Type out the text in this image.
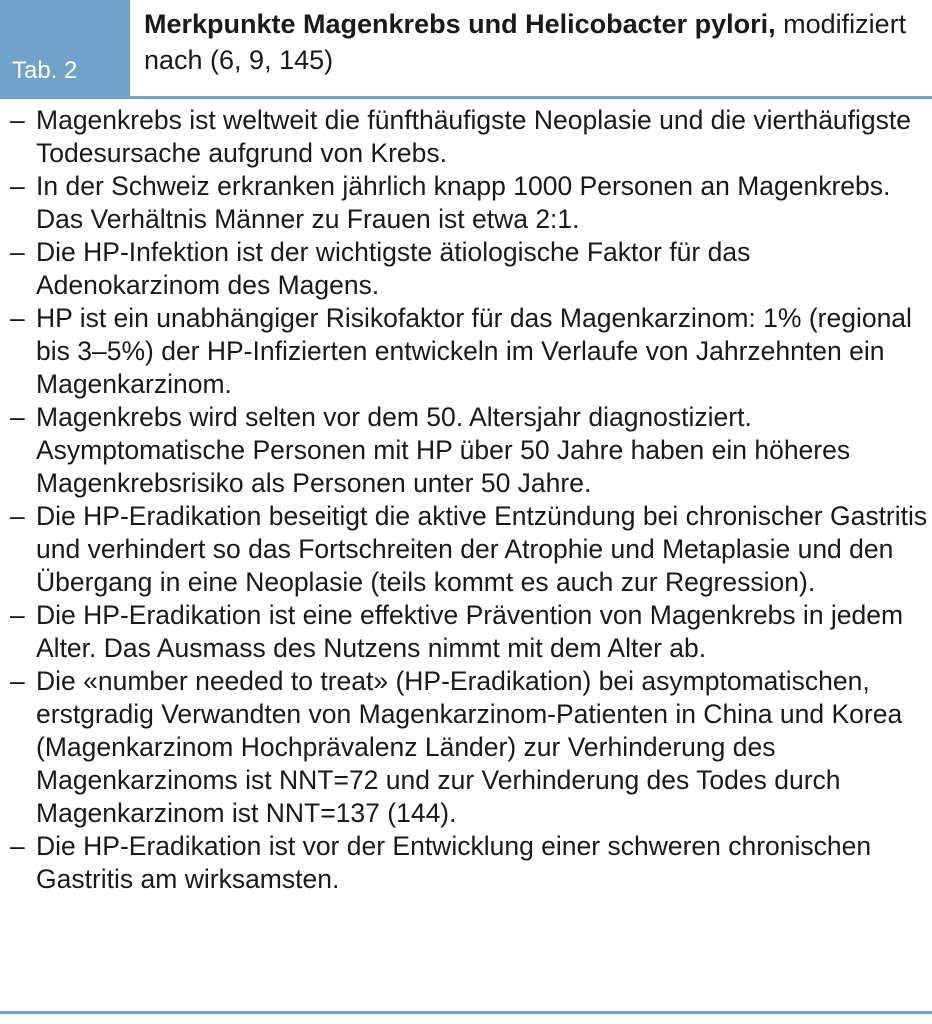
Tab. 2
Merkpunkte Magenkrebs und Helicobacter pylori, modifiziert nach (6, 9, 145)
– Magenkrebs ist weltweit die fünfthäufigste Neoplasie und die vierthäufigste Todesursache aufgrund von Krebs.
– In der Schweiz erkranken jährlich knapp 1000 Personen an Magenkrebs. Das Verhältnis Männer zu Frauen ist etwa 2:1.
– Die HP-Infektion ist der wichtigste ätiologische Faktor für das Adenokarzinom des Magens.
– HP ist ein unabhängiger Risikofaktor für das Magenkarzinom: 1% (regional bis 3–5%) der HP-Infizierten entwickeln im Verlaufe von Jahrzehnten ein Magenkarzinom.
– Magenkrebs wird selten vor dem 50. Altersjahr diagnostiziert. Asymptomatische Personen mit HP über 50 Jahre haben ein höheres Magenkrebsrisiko als Personen unter 50 Jahre.
– Die HP-Eradikation beseitigt die aktive Entzündung bei chronischer Gastritis und verhindert so das Fortschreiten der Atrophie und Metaplasie und den Übergang in eine Neoplasie (teils kommt es auch zur Regression).
– Die HP-Eradikation ist eine effektive Prävention von Magenkrebs in jedem Alter. Das Ausmass des Nutzens nimmt mit dem Alter ab.
– Die «number needed to treat» (HP-Eradikation) bei asymptomatischen, erstgradig Verwandten von Magenkarzinom-Patienten in China und Korea (Magenkarzinom Hochprävalenz Länder) zur Verhinderung des Magenkarzinoms ist NNT=72 und zur Verhinderung des Todes durch Magenkarzinom ist NNT=137 (144).
– Die HP-Eradikation ist vor der Entwicklung einer schweren chronischen Gastritis am wirksamsten.
